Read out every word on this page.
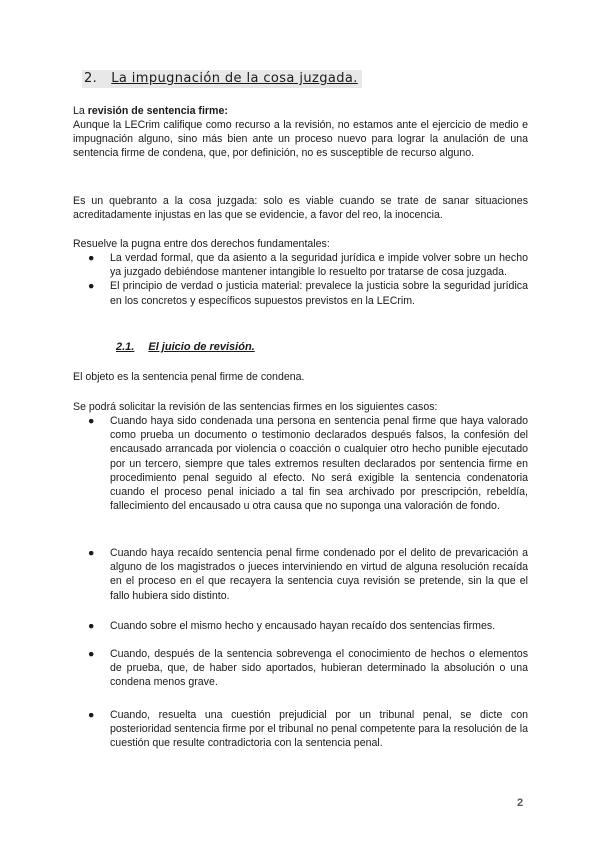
2. La impugnación de la cosa juzgada.
La revisión de sentencia firme:
Aunque la LECrim califique como recurso a la revisión, no estamos ante el ejercicio de medio e impugnación alguno, sino más bien ante un proceso nuevo para lograr la anulación de una sentencia firme de condena, que, por definición, no es susceptible de recurso alguno.
Es un quebranto a la cosa juzgada: solo es viable cuando se trate de sanar situaciones acreditadamente injustas en las que se evidencie, a favor del reo, la inocencia.
Resuelve la pugna entre dos derechos fundamentales:
● La verdad formal, que da asiento a la seguridad jurídica e impide volver sobre un hecho ya juzgado debiéndose mantener intangible lo resuelto por tratarse de cosa juzgada.
● El principio de verdad o justicia material: prevalece la justicia sobre la seguridad jurídica en los concretos y específicos supuestos previstos en la LECrim.
2.1. El juicio de revisión.
El objeto es la sentencia penal firme de condena.
Se podrá solicitar la revisión de las sentencias firmes en los siguientes casos:
● Cuando haya sido condenada una persona en sentencia penal firme que haya valorado como prueba un documento o testimonio declarados después falsos, la confesión del encausado arrancada por violencia o coacción o cualquier otro hecho punible ejecutado por un tercero, siempre que tales extremos resulten declarados por sentencia firme en procedimiento penal seguido al efecto. No será exigible la sentencia condenatoria cuando el proceso penal iniciado a tal fin sea archivado por prescripción, rebeldía, fallecimiento del encausado u otra causa que no suponga una valoración de fondo.
● Cuando haya recaído sentencia penal firme condenado por el delito de prevaricación a alguno de los magistrados o jueces interviniendo en virtud de alguna resolución recaída en el proceso en el que recayera la sentencia cuya revisión se pretende, sin la que el fallo hubiera sido distinto.
● Cuando sobre el mismo hecho y encausado hayan recaído dos sentencias firmes.
● Cuando, después de la sentencia sobrevenga el conocimiento de hechos o elementos de prueba, que, de haber sido aportados, hubieran determinado la absolución o una condena menos grave.
● Cuando, resuelta una cuestión prejudicial por un tribunal penal, se dicte con posterioridad sentencia firme por el tribunal no penal competente para la resolución de la cuestión que resulte contradictoria con la sentencia penal.
2
